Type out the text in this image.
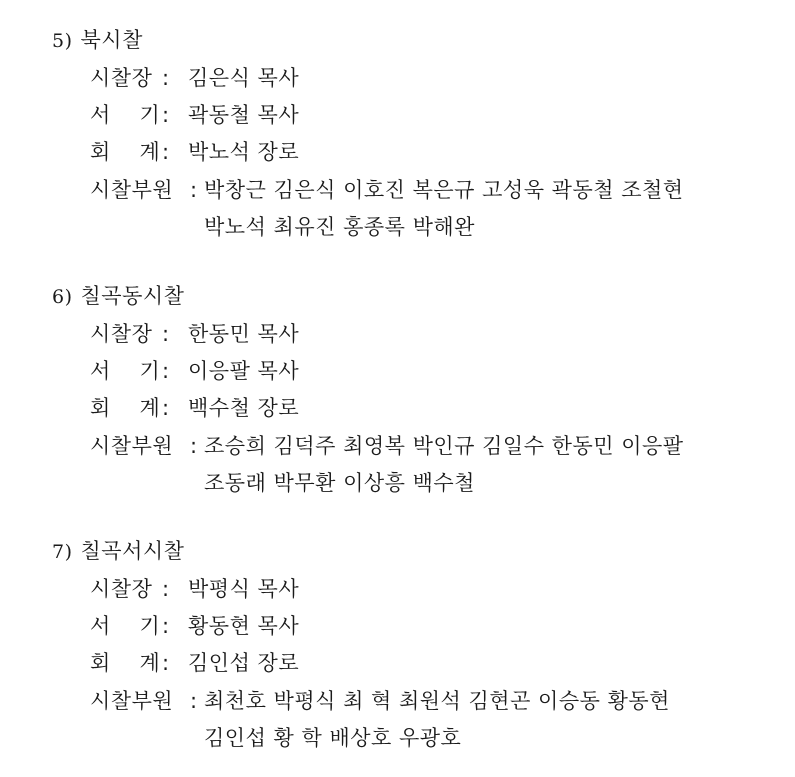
5) 북시찰
시찰장 : 김은식 목사
서    기 : 곽동철 목사
회    계 : 박노석 장로
시찰부원 : 박창근 김은식 이호진 복은규 고성욱 곽동철 조철현
박노석 최유진 홍종록 박해완
6) 칠곡동시찰
시찰장 : 한동민 목사
서    기 : 이응팔 목사
회    계 : 백수철 장로
시찰부원 : 조승희 김덕주 최영복 박인규 김일수 한동민 이응팔
조동래 박무환 이상흥 백수철
7) 칠곡서시찰
시찰장 : 박평식 목사
서    기 : 황동현 목사
회    계 : 김인섭 장로
시찰부원 : 최천호 박평식 최 혁 최원석 김현곤 이승동 황동현
김인섭 황 학 배상호 우광호
